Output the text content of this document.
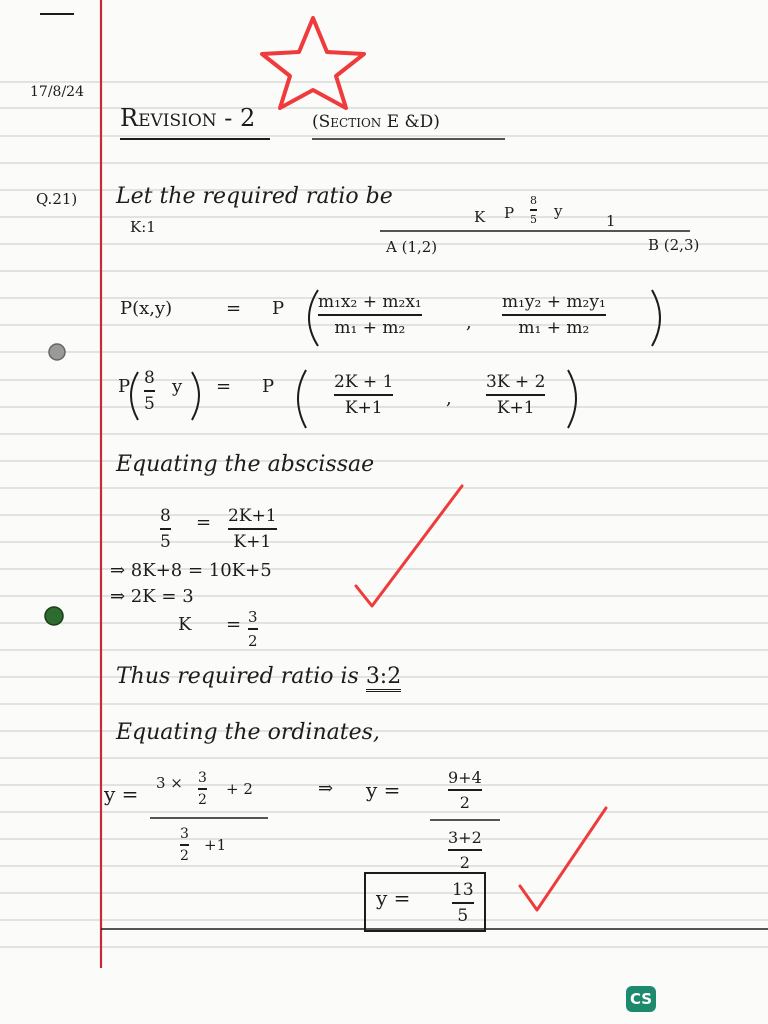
17/8/24
Revision - 2	(Section E &D)
Q.21) Let the required ratio be
K:1
K P
8
5 y
1
A (1,2)	B (2,3)
P(x,y)	= P m₁x₂ + m₂x₁
m₁ + m₂	,
m₁y₂ + m₂y₁
m₁ + m₂
P 8
5
y = P	2K + 1
K+1	,
3K + 2
K+1
Equating the abscissae
8
5
= 2K+1
K+1
⇒ 8K+8 = 10K+5
⇒ 2K = 3
K = 3
2
Thus required ratio is 3:2
Equating the ordinates,
y = 3 × 3
2
+ 2
3
2
+1
⇒ y =
9+4
2
3+2
2
y = 13
5
CS
